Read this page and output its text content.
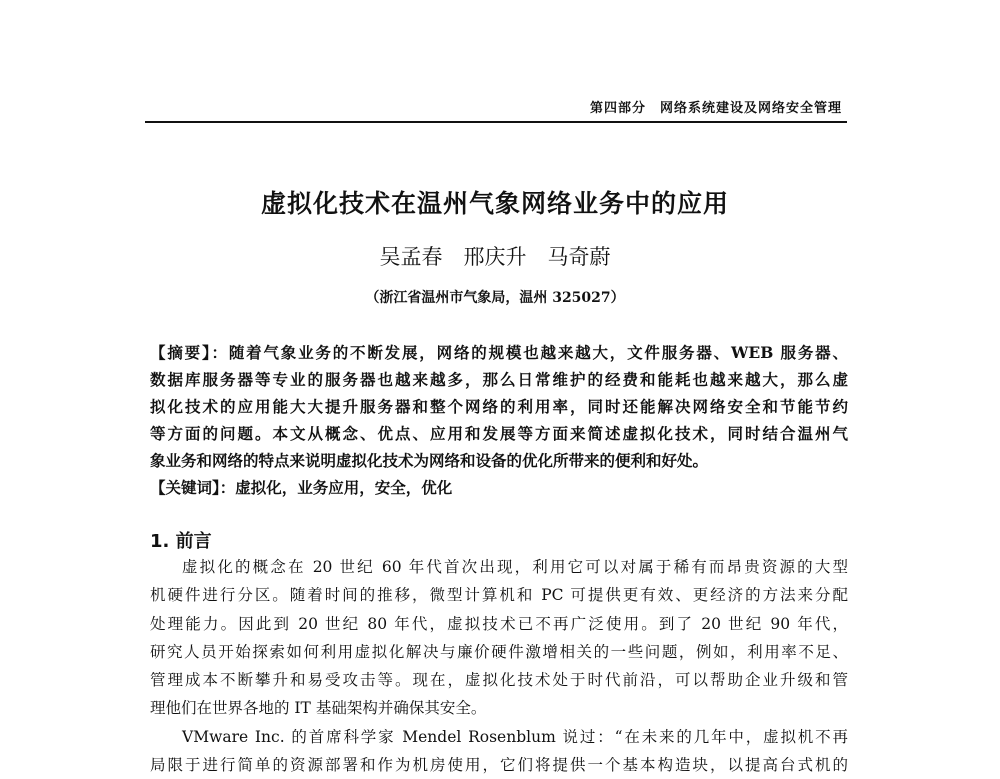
第四部分　网络系统建设及网络安全管理
虚拟化技术在温州气象网络业务中的应用
吴孟春　邢庆升　马奇蔚
（浙江省温州市气象局，温州 325027）
【摘要】：随着气象业务的不断发展，网络的规模也越来越大，文件服务器、WEB 服务器、
数据库服务器等专业的服务器也越来越多，那么日常维护的经费和能耗也越来越大，那么虚
拟化技术的应用能大大提升服务器和整个网络的利用率，同时还能解决网络安全和节能节约
等方面的问题。本文从概念、优点、应用和发展等方面来简述虚拟化技术，同时结合温州气
象业务和网络的特点来说明虚拟化技术为网络和设备的优化所带来的便利和好处。
【关键词】：虚拟化，业务应用，安全，优化
1. 前言
虚拟化的概念在 20 世纪 60 年代首次出现，利用它可以对属于稀有而昂贵资源的大型
机硬件进行分区。随着时间的推移，微型计算机和 PC 可提供更有效、更经济的方法来分配
处理能力。因此到 20 世纪 80 年代，虚拟技术已不再广泛使用。到了 20 世纪 90 年代，
研究人员开始探索如何利用虚拟化解决与廉价硬件激增相关的一些问题，例如，利用率不足、
管理成本不断攀升和易受攻击等。现在，虚拟化技术处于时代前沿，可以帮助企业升级和管
理他们在世界各地的 IT 基础架构并确保其安全。
VMware Inc. 的首席科学家 Mendel Rosenblum 说过：“在未来的几年中，虚拟机不再
局限于进行简单的资源部署和作为机房使用，它们将提供一个基本构造块，以提高台式机的
